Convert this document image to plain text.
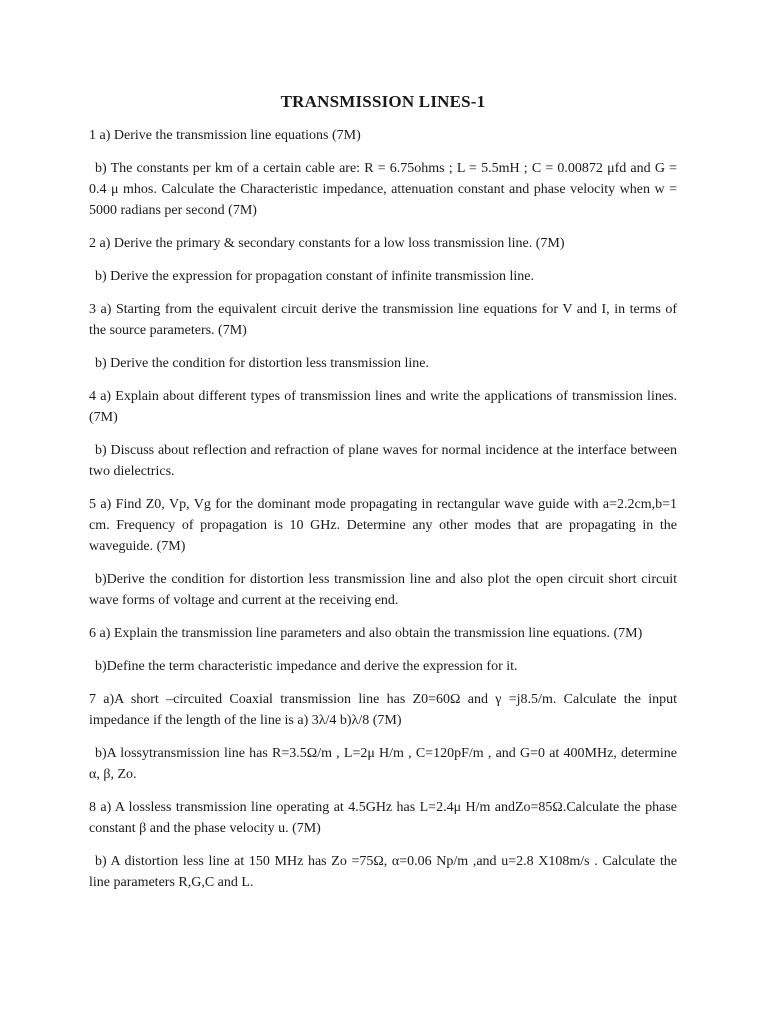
TRANSMISSION LINES-1

1 a) Derive the transmission line equations (7M)

b) The constants per km of a certain cable are: R = 6.75ohms ; L = 5.5mH ; C = 0.00872 μfd and G = 0.4 μ mhos. Calculate the Characteristic impedance, attenuation constant and phase velocity when w = 5000 radians per second (7M)

2 a) Derive the primary & secondary constants for a low loss transmission line. (7M)

b) Derive the expression for propagation constant of infinite transmission line.

3 a) Starting from the equivalent circuit derive the transmission line equations for V and I, in terms of the source parameters. (7M)

b) Derive the condition for distortion less transmission line.

4 a) Explain about different types of transmission lines and write the applications of transmission lines. (7M)

b) Discuss about reflection and refraction of plane waves for normal incidence at the interface between two dielectrics.

5 a) Find Z0, Vp, Vg for the dominant mode propagating in rectangular wave guide with a=2.2cm,b=1 cm. Frequency of propagation is 10 GHz. Determine any other modes that are propagating in the waveguide. (7M)

b)Derive the condition for distortion less transmission line and also plot the open circuit short circuit wave forms of voltage and current at the receiving end.

6 a) Explain the transmission line parameters and also obtain the transmission line equations. (7M)

b)Define the term characteristic impedance and derive the expression for it.

7 a)A short –circuited Coaxial transmission line has Z0=60Ω and γ =j8.5/m. Calculate the input impedance if the length of the line is a) 3λ/4 b)λ/8 (7M)

b)A lossytransmission line has R=3.5Ω/m , L=2μ H/m , C=120pF/m , and G=0 at 400MHz, determine α, β, Zo.

8 a) A lossless transmission line operating at 4.5GHz has L=2.4μ H/m andZo=85Ω.Calculate the phase constant β and the phase velocity u. (7M)

b) A distortion less line at 150 MHz has Zo =75Ω, α=0.06 Np/m ,and u=2.8 X108m/s . Calculate the line parameters R,G,C and L.
